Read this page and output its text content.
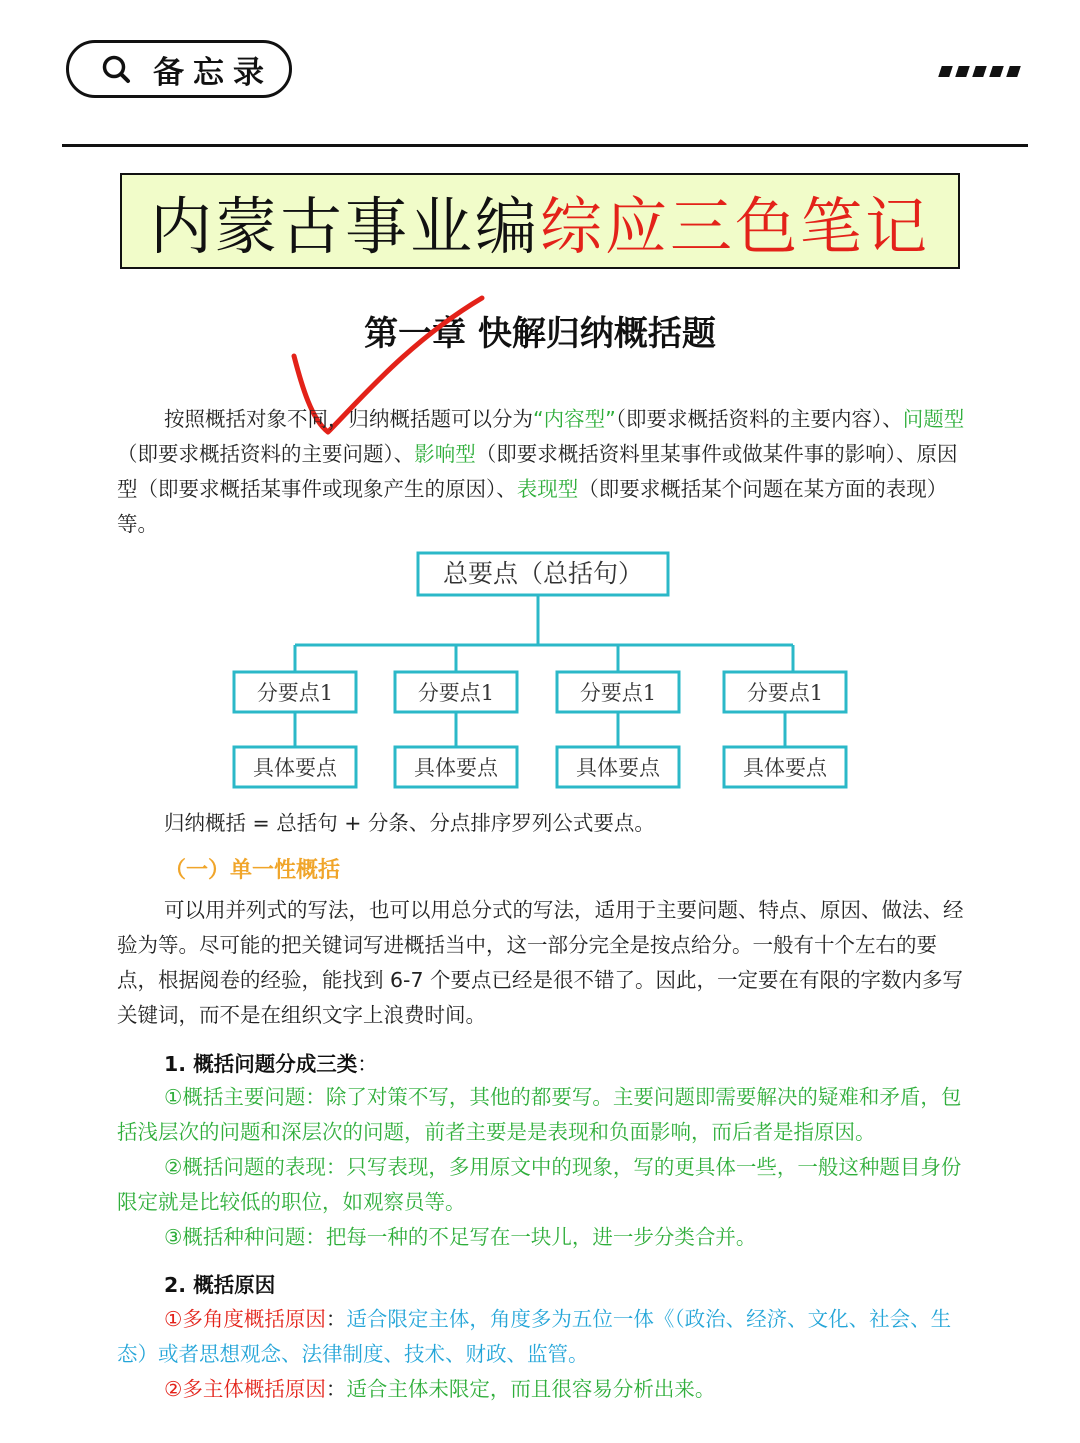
备忘录
内蒙古事业编 综应三色笔记
第一章 快解归纳概括题

按照概括对象不同，归纳概括题可以分为“内容型”（即要求概括资料的主要内容）、问题型（即要求概括资料的主要问题）、影响型（即要求概括资料里某事件或做某件事的影响）、原因型（即要求概括某事件或现象产生的原因）、表现型（即要求概括某个问题在某方面的表现）等。

总要点（总括句）
分要点1	分要点1	分要点1	分要点1
具体要点	具体要点	具体要点	具体要点

归纳概括 = 总括句 + 分条、分点排序罗列公式要点。

（一）单一性概括

可以用并列式的写法，也可以用总分式的写法，适用于主要问题、特点、原因、做法、经验为等。尽可能的把关键词写进概括当中，这一部分完全是按点给分。一般有十个左右的要点，根据阅卷的经验，能找到 6-7 个要点已经是很不错了。因此，一定要在有限的字数内多写关键词，而不是在组织文字上浪费时间。

1. 概括问题分成三类：

①概括主要问题：除了对策不写，其他的都要写。主要问题即需要解决的疑难和矛盾，包括浅层次的问题和深层次的问题，前者主要是是表现和负面影响，而后者是指原因。

②概括问题的表现：只写表现，多用原文中的现象，写的更具体一些，一般这种题目身份限定就是比较低的职位，如观察员等。

③概括种种问题：把每一种的不足写在一块儿，进一步分类合并。

2. 概括原因

①多角度概括原因：适合限定主体，角度多为五位一体《（政治、经济、文化、社会、生态）或者思想观念、法律制度、技术、财政、监管。

②多主体概括原因：适合主体未限定，而且很容易分析出来。
